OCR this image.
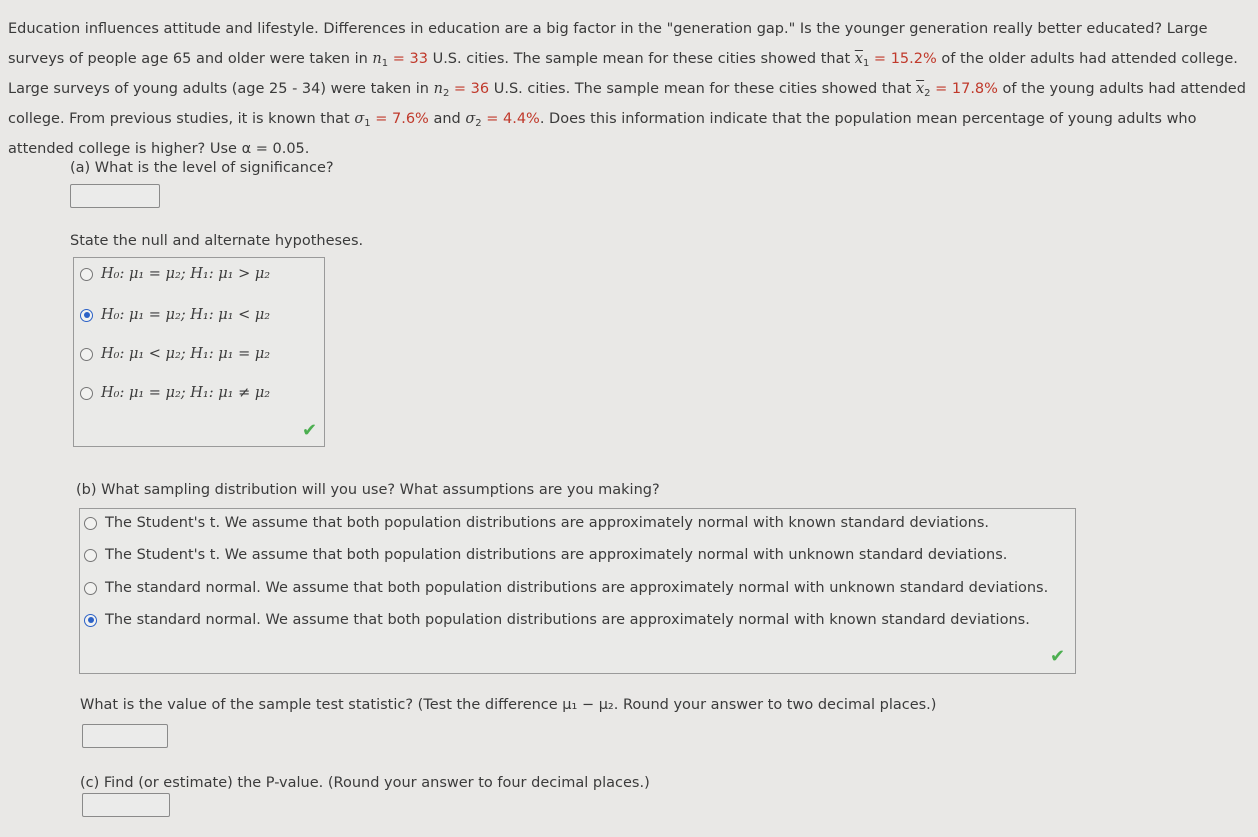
Education influences attitude and lifestyle. Differences in education are a big factor in the "generation gap." Is the younger generation really better educated? Large surveys of people age 65 and older were taken in $n_1 = 33$ U.S. cities. The sample mean for these cities showed that $\overline{x}_1 = 15.2\%$ of the older adults had attended college. Large surveys of young adults (age 25 - 34) were taken in $n_2 = 36$ U.S. cities. The sample mean for these cities showed that $\overline{x}_2 = 17.8\%$ of the young adults had attended college. From previous studies, it is known that $\sigma_1 = 7.6\%$ and $\sigma_2 = 4.4\%$. Does this information indicate that the population mean percentage of young adults who attended college is higher? Use α = 0.05.
(a) What is the level of significance?
State the null and alternate hypotheses.
H₀: μ₁ = μ₂; H₁: μ₁ > μ₂
H₀: μ₁ = μ₂; H₁: μ₁ < μ₂
H₀: μ₁ < μ₂; H₁: μ₁ = μ₂
H₀: μ₁ = μ₂; H₁: μ₁ ≠ μ₂
✔
(b) What sampling distribution will you use? What assumptions are you making?
The Student's t. We assume that both population distributions are approximately normal with known standard deviations.
The Student's t. We assume that both population distributions are approximately normal with unknown standard deviations.
The standard normal. We assume that both population distributions are approximately normal with unknown standard deviations.
The standard normal. We assume that both population distributions are approximately normal with known standard deviations.
✔
What is the value of the sample test statistic? (Test the difference μ₁ − μ₂. Round your answer to two decimal places.)
(c) Find (or estimate) the P-value. (Round your answer to four decimal places.)
